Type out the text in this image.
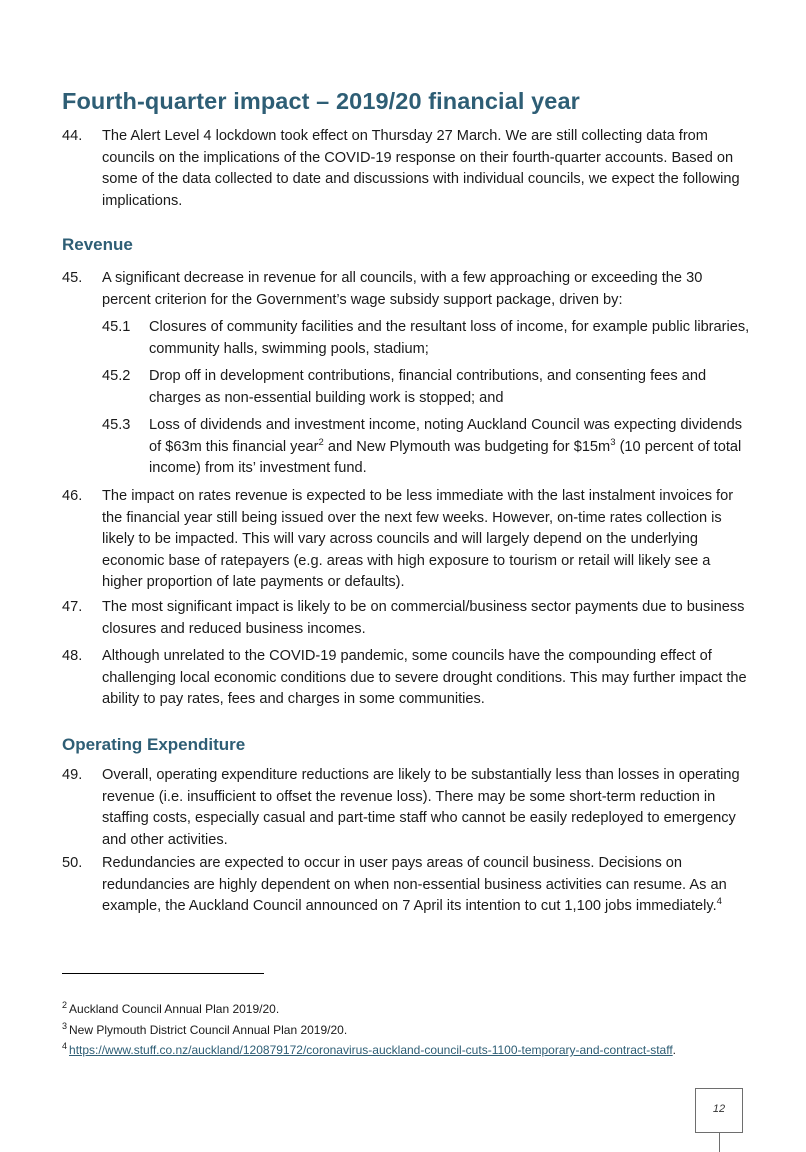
Fourth-quarter impact – 2019/20 financial year
44. The Alert Level 4 lockdown took effect on Thursday 27 March. We are still collecting data from councils on the implications of the COVID-19 response on their fourth-quarter accounts. Based on some of the data collected to date and discussions with individual councils, we expect the following implications.
Revenue
45. A significant decrease in revenue for all councils, with a few approaching or exceeding the 30 percent criterion for the Government’s wage subsidy support package, driven by:
45.1 Closures of community facilities and the resultant loss of income, for example public libraries, community halls, swimming pools, stadium;
45.2 Drop off in development contributions, financial contributions, and consenting fees and charges as non-essential building work is stopped; and
45.3 Loss of dividends and investment income, noting Auckland Council was expecting dividends of $63m this financial year$^2$ and New Plymouth was budgeting for $\$15m^3$ (10 percent of total income) from its’ investment fund.
46. The impact on rates revenue is expected to be less immediate with the last instalment invoices for the financial year still being issued over the next few weeks. However, on-time rates collection is likely to be impacted. This will vary across councils and will largely depend on the underlying economic base of ratepayers (e.g. areas with high exposure to tourism or retail will likely see a higher proportion of late payments or defaults).
47. The most significant impact is likely to be on commercial/business sector payments due to business closures and reduced business incomes.
48. Although unrelated to the COVID-19 pandemic, some councils have the compounding effect of challenging local economic conditions due to severe drought conditions. This may further impact the ability to pay rates, fees and charges in some communities.
Operating Expenditure
49. Overall, operating expenditure reductions are likely to be substantially less than losses in operating revenue (i.e. insufficient to offset the revenue loss). There may be some short-term reduction in staffing costs, especially casual and part-time staff who cannot be easily redeployed to emergency and other activities.
50. Redundancies are expected to occur in user pays areas of council business. Decisions on redundancies are highly dependent on when non-essential business activities can resume. As an example, the Auckland Council announced on 7 April its intention to cut 1,100 jobs immediately.$^4$
$^2$ Auckland Council Annual Plan 2019/20.
$^3$ New Plymouth District Council Annual Plan 2019/20.
$^4$ https://www.stuff.co.nz/auckland/120879172/coronavirus-auckland-council-cuts-1100-temporary-and-contract-staff.
12
